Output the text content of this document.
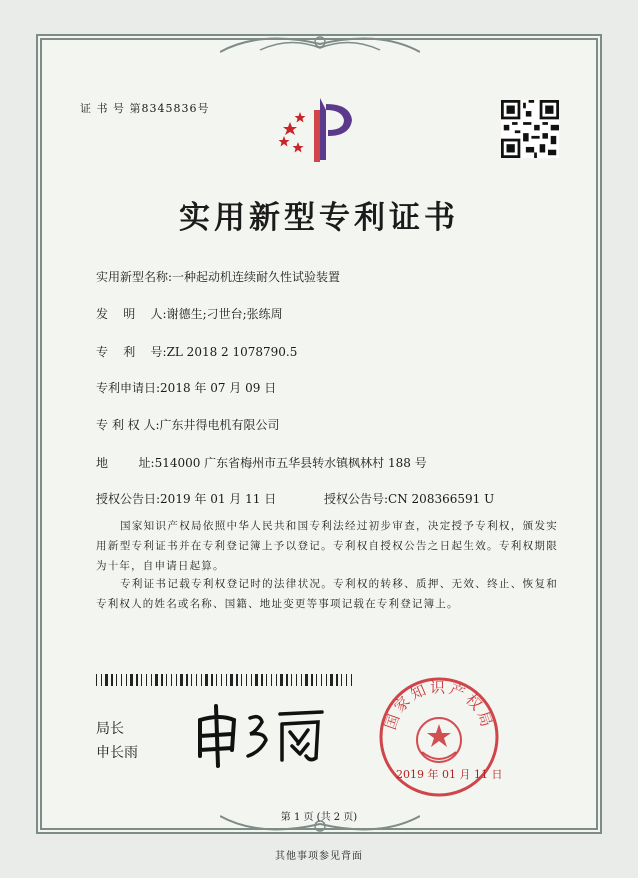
证 书 号 第8345836号
实用新型专利证书
实用新型名称:一种起动机连续耐久性试验装置
发    明    人:谢德生;刁世台;张练周
专    利    号:ZL 2018 2 1078790.5
专利申请日:2018 年 07 月 09 日
专 利 权 人:广东井得电机有限公司
地        址:514000 广东省梅州市五华县转水镇枫林村 188 号
授权公告日:2019 年 01 月 11 日	授权公告号:CN 208366591 U
国家知识产权局依照中华人民共和国专利法经过初步审查，决定授予专利权，颁发实用新型专利证书并在专利登记簿上予以登记。专利权自授权公告之日起生效。专利权期限为十年，自申请日起算。
专利证书记载专利权登记时的法律状况。专利权的转移、质押、无效、终止、恢复和专利权人的姓名或名称、国籍、地址变更等事项记载在专利登记簿上。
局长
申长雨
国家知识产权局
2019 年 01 月 11 日
第 1 页 (共 2 页)
其他事项参见背面
